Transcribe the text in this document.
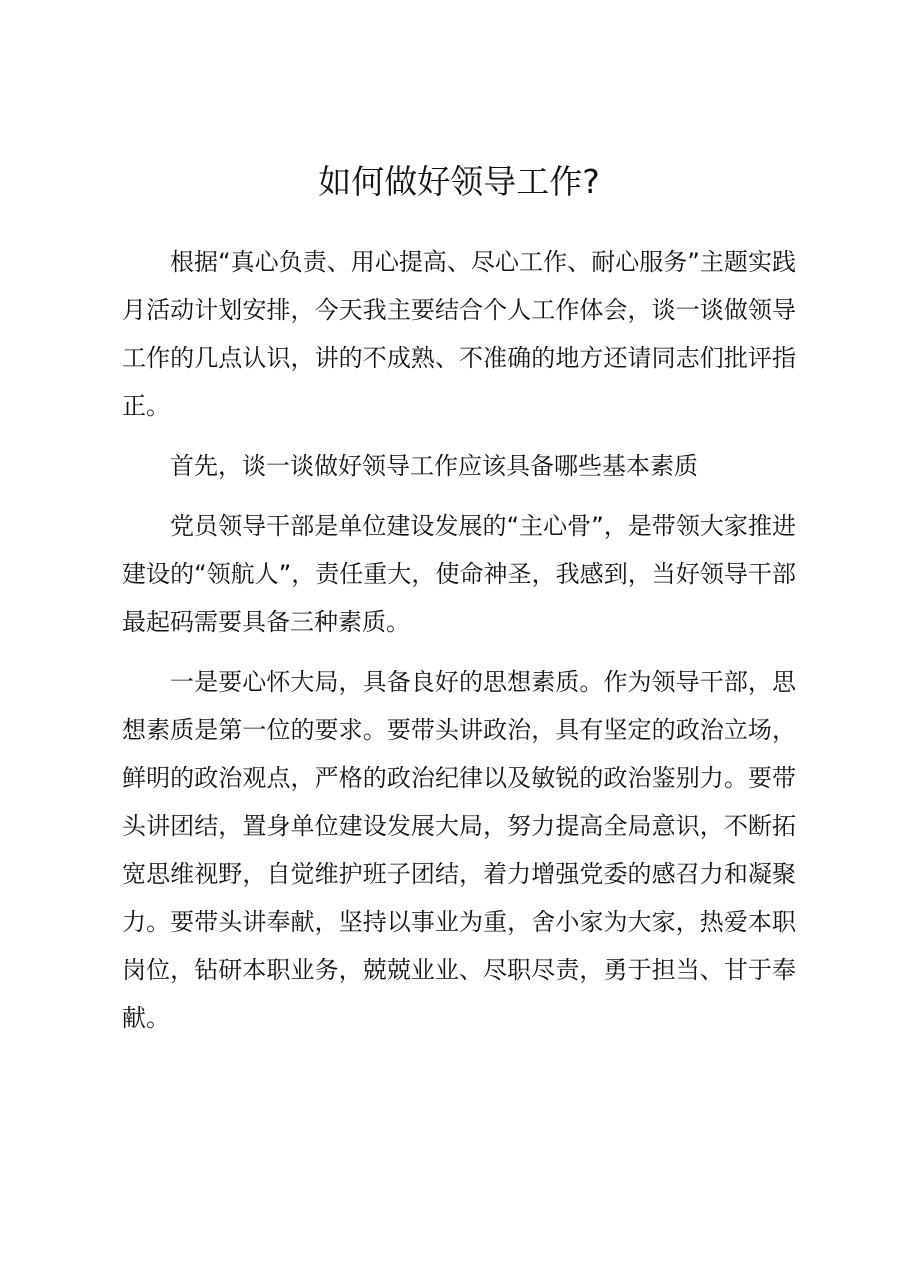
如何做好领导工作?

根据“真心负责、用心提高、尽心工作、耐心服务”主题实践月活动计划安排，今天我主要结合个人工作体会，谈一谈做领导工作的几点认识，讲的不成熟、不准确的地方还请同志们批评指正。

首先，谈一谈做好领导工作应该具备哪些基本素质

党员领导干部是单位建设发展的“主心骨”，是带领大家推进建设的“领航人”，责任重大，使命神圣，我感到，当好领导干部最起码需要具备三种素质。

一是要心怀大局，具备良好的思想素质。作为领导干部，思想素质是第一位的要求。要带头讲政治，具有坚定的政治立场，鲜明的政治观点，严格的政治纪律以及敏锐的政治鉴别力。要带头讲团结，置身单位建设发展大局，努力提高全局意识，不断拓宽思维视野，自觉维护班子团结，着力增强党委的感召力和凝聚力。要带头讲奉献，坚持以事业为重，舍小家为大家，热爱本职岗位，钻研本职业务，兢兢业业、尽职尽责，勇于担当、甘于奉献。
